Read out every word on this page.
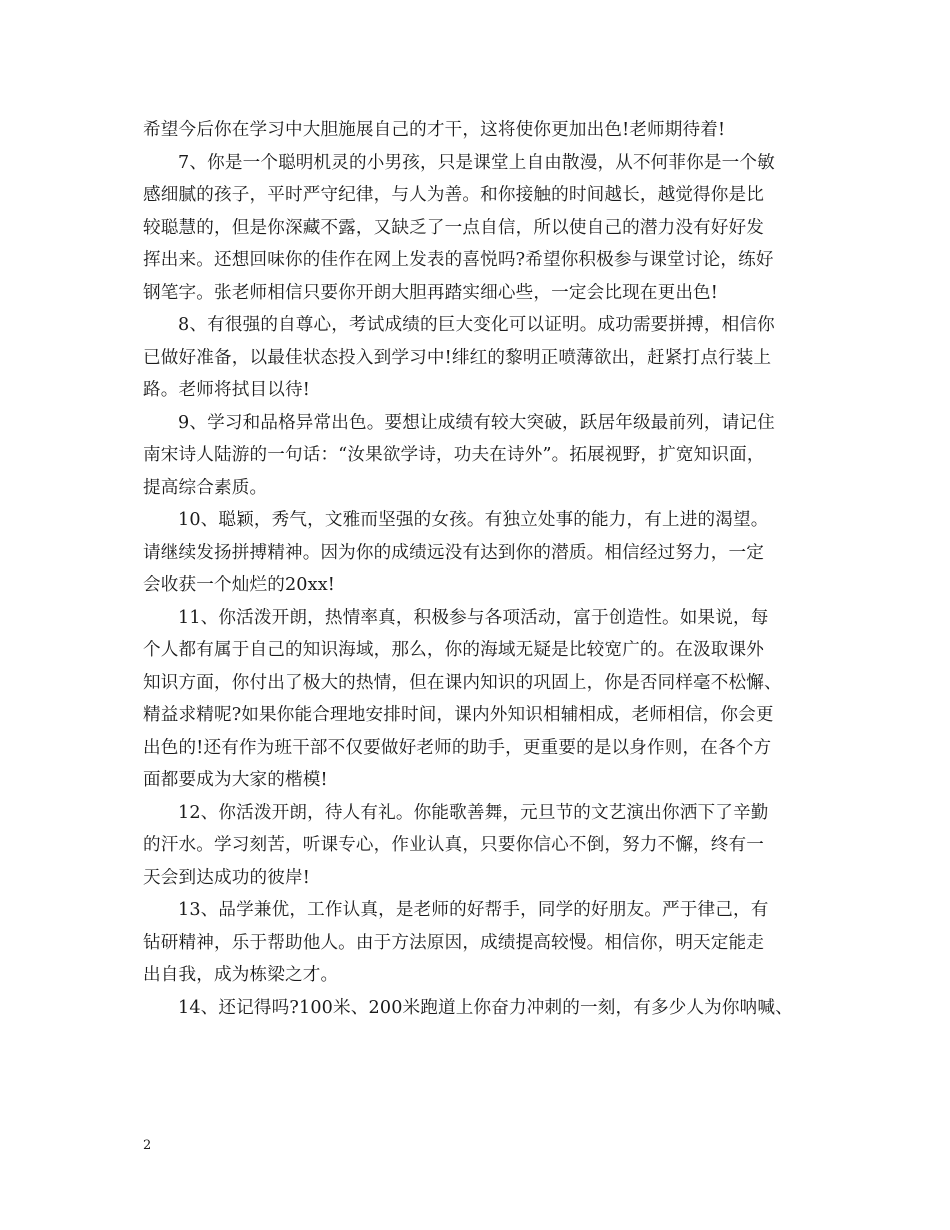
希望今后你在学习中大胆施展自己的才干，这将使你更加出色!老师期待着!
7、你是一个聪明机灵的小男孩，只是课堂上自由散漫，从不何菲你是一个敏
感细腻的孩子，平时严守纪律，与人为善。和你接触的时间越长，越觉得你是比
较聪慧的，但是你深藏不露，又缺乏了一点自信，所以使自己的潜力没有好好发
挥出来。还想回味你的佳作在网上发表的喜悦吗?希望你积极参与课堂讨论，练好
钢笔字。张老师相信只要你开朗大胆再踏实细心些，一定会比现在更出色!
8、有很强的自尊心，考试成绩的巨大变化可以证明。成功需要拼搏，相信你
已做好准备，以最佳状态投入到学习中!绯红的黎明正喷薄欲出，赶紧打点行装上
路。老师将拭目以待!
9、学习和品格异常出色。要想让成绩有较大突破，跃居年级最前列，请记住
南宋诗人陆游的一句话：“汝果欲学诗，功夫在诗外”。拓展视野，扩宽知识面，
提高综合素质。
10、聪颖，秀气，文雅而坚强的女孩。有独立处事的能力，有上进的渴望。
请继续发扬拼搏精神。因为你的成绩远没有达到你的潜质。相信经过努力，一定
会收获一个灿烂的20xx!
11、你活泼开朗，热情率真，积极参与各项活动，富于创造性。如果说，每
个人都有属于自己的知识海域，那么，你的海域无疑是比较宽广的。在汲取课外
知识方面，你付出了极大的热情，但在课内知识的巩固上，你是否同样毫不松懈、
精益求精呢?如果你能合理地安排时间，课内外知识相辅相成，老师相信，你会更
出色的!还有作为班干部不仅要做好老师的助手，更重要的是以身作则，在各个方
面都要成为大家的楷模!
12、你活泼开朗，待人有礼。你能歌善舞，元旦节的文艺演出你洒下了辛勤
的汗水。学习刻苦，听课专心，作业认真，只要你信心不倒，努力不懈，终有一
天会到达成功的彼岸!
13、品学兼优，工作认真，是老师的好帮手，同学的好朋友。严于律己，有
钻研精神，乐于帮助他人。由于方法原因，成绩提高较慢。相信你，明天定能走
出自我，成为栋梁之才。
14、还记得吗?100米、200米跑道上你奋力冲刺的一刻，有多少人为你呐喊、
2
